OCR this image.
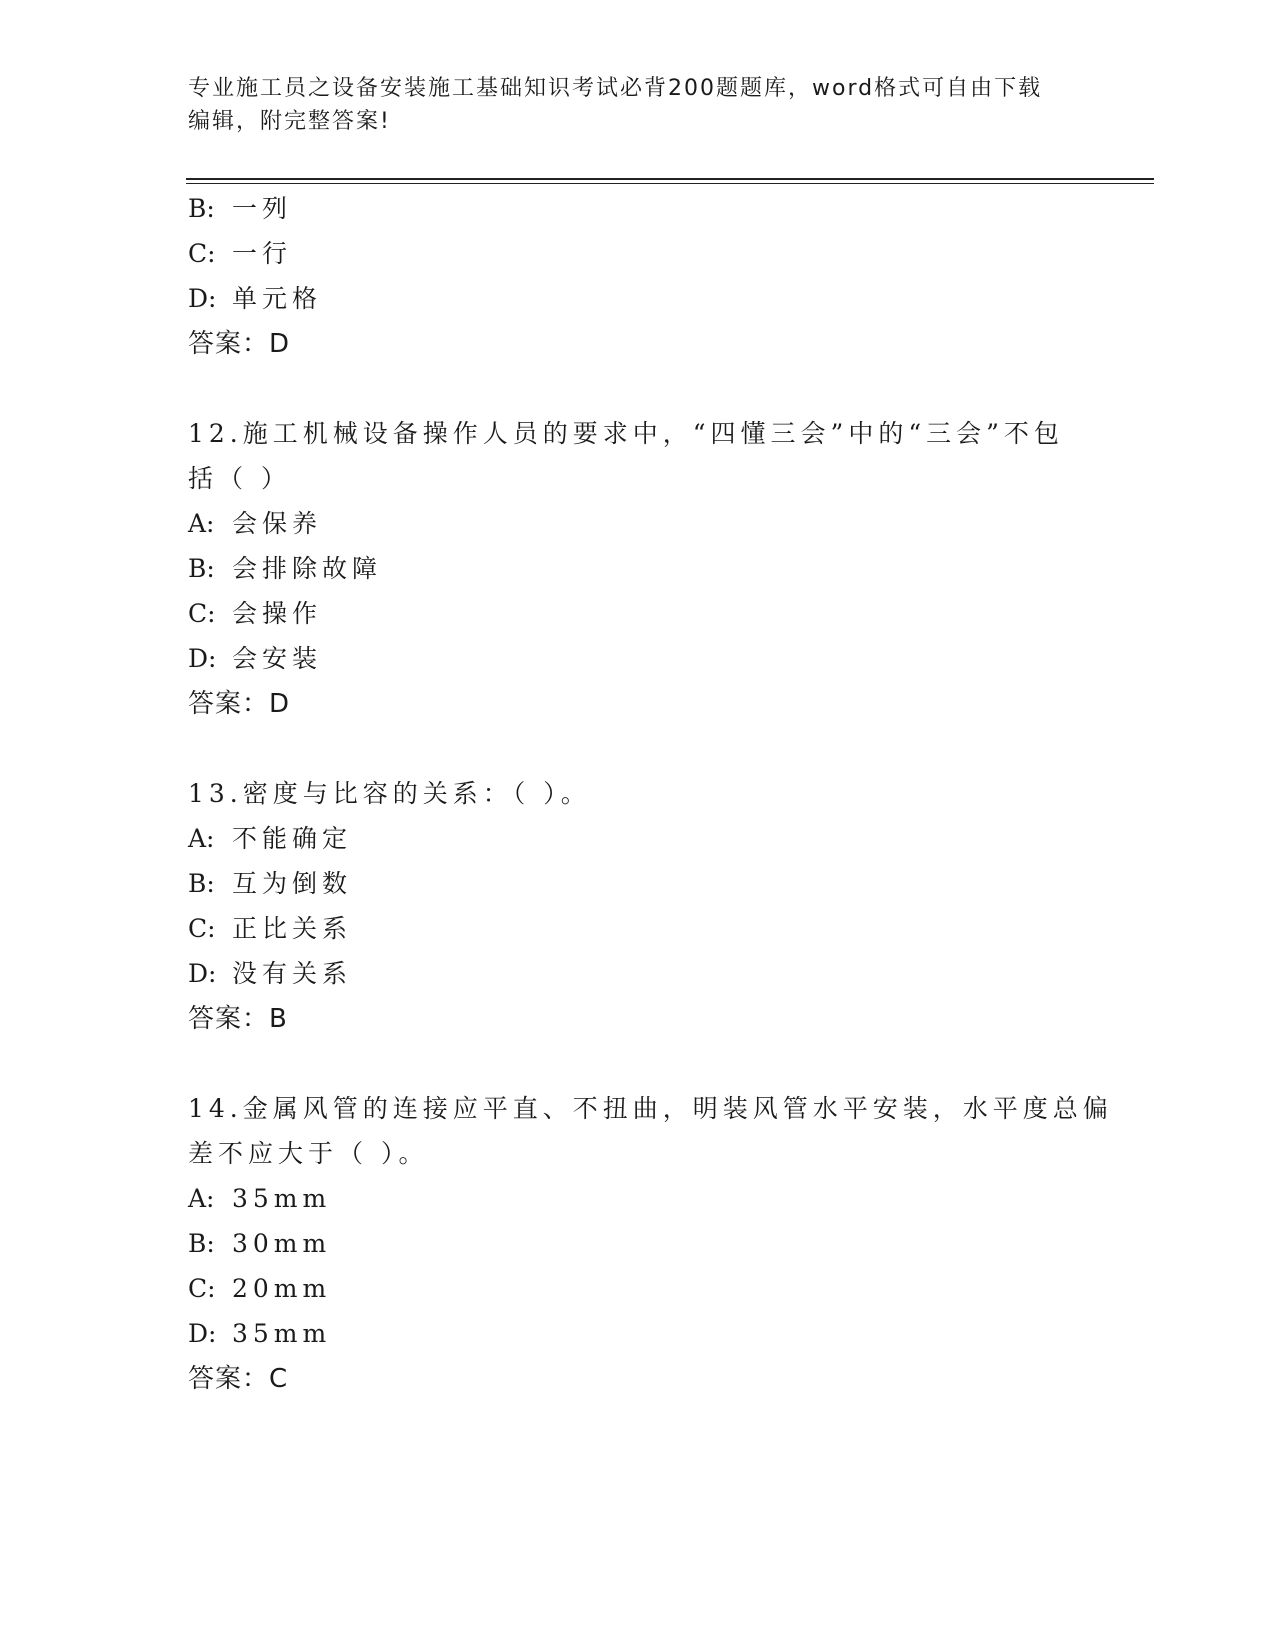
专业施工员之设备安装施工基础知识考试必背200题题库，word格式可自由下载
编辑，附完整答案!
B: 一列
C: 一行
D: 单元格
答案：D
12.施工机械设备操作人员的要求中，“四懂三会”中的“三会”不包
括（ ）
A: 会保养
B: 会排除故障
C: 会操作
D: 会安装
答案：D
13.密度与比容的关系：（ ）。
A: 不能确定
B: 互为倒数
C: 正比关系
D: 没有关系
答案：B
14.金属风管的连接应平直、不扭曲，明装风管水平安装，水平度总偏
差不应大于（ ）。
A: 35mm
B: 30mm
C: 20mm
D: 35mm
答案：C
